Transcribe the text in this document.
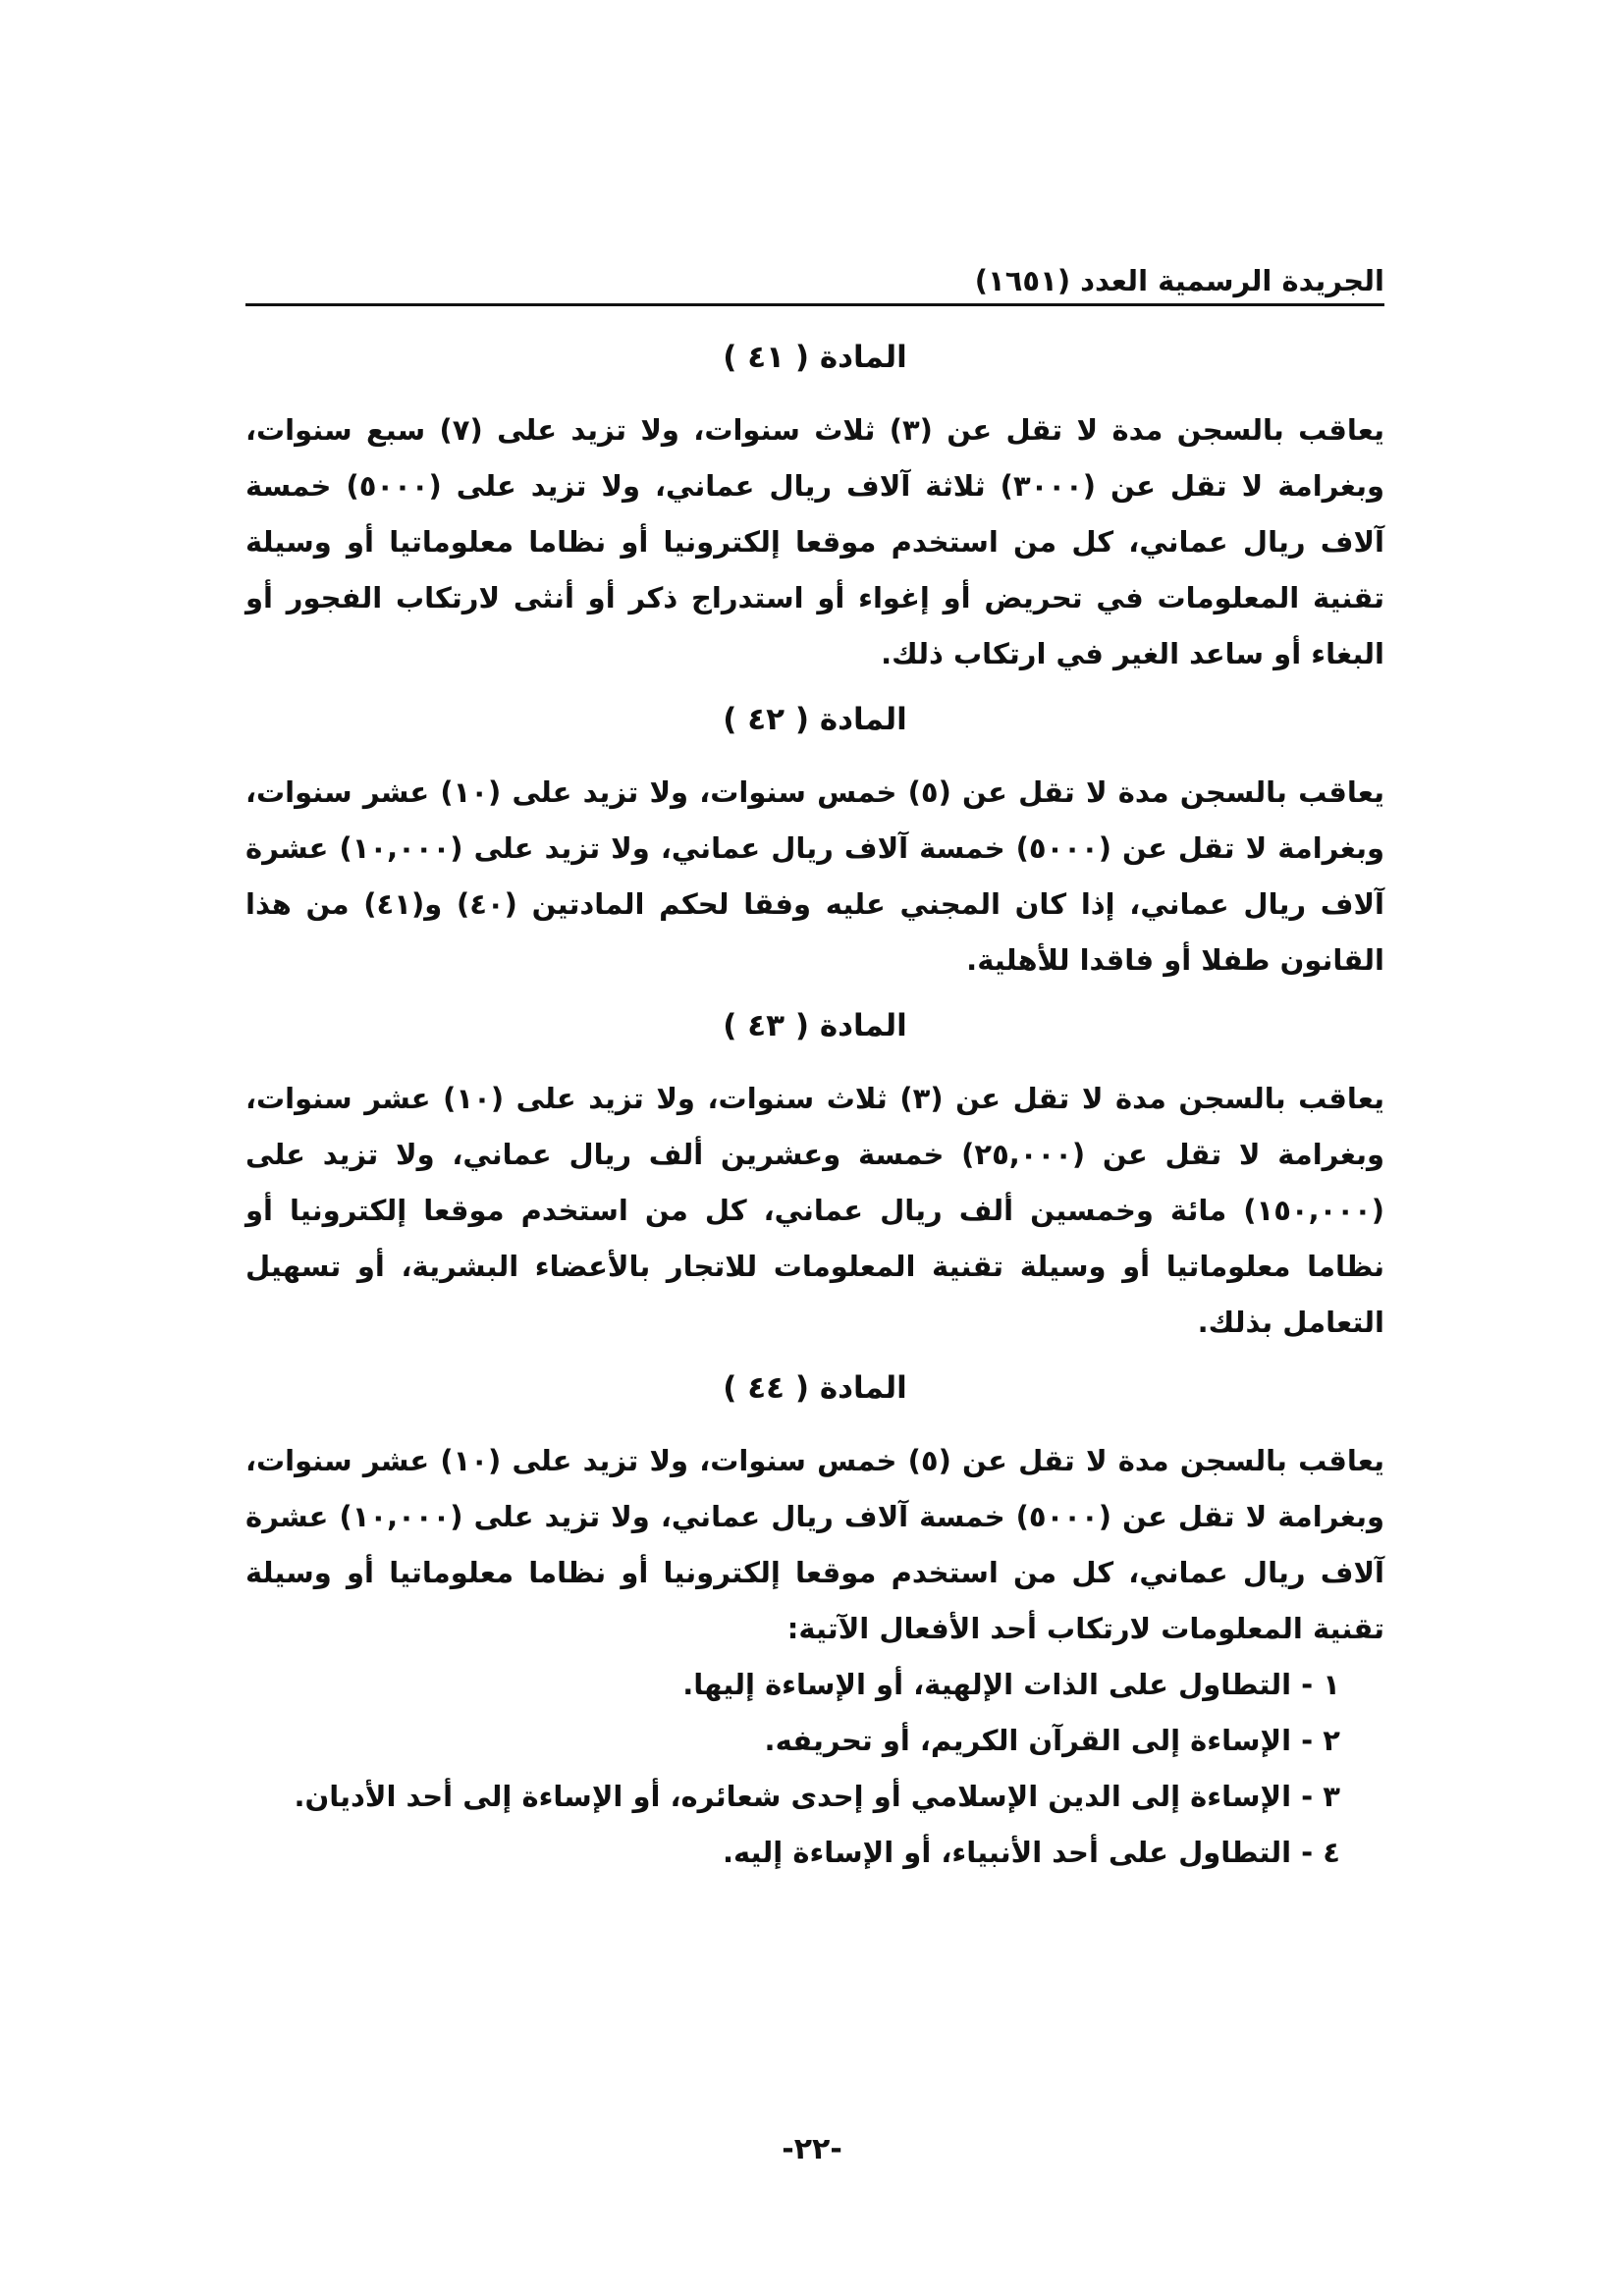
الجريدة الرسمية العدد (١٦٥١)
المادة ( ٤١ )

يعاقب بالسجن مدة لا تقل عن (٣) ثلاث سنوات، ولا تزيد على (٧) سبع سنوات، وبغرامة لا تقل عن (٣٠٠٠) ثلاثة آلاف ريال عماني، ولا تزيد على (٥٠٠٠) خمسة آلاف ريال عماني، كل من استخدم موقعا إلكترونيا أو نظاما معلوماتيا أو وسيلة تقنية المعلومات في تحريض أو إغواء أو استدراج ذكر أو أنثى لارتكاب الفجور أو البغاء أو ساعد الغير في ارتكاب ذلك.

المادة ( ٤٢ )

يعاقب بالسجن مدة لا تقل عن (٥) خمس سنوات، ولا تزيد على (١٠) عشر سنوات، وبغرامة لا تقل عن (٥٠٠٠) خمسة آلاف ريال عماني، ولا تزيد على (١٠,٠٠٠) عشرة آلاف ريال عماني، إذا كان المجني عليه وفقا لحكم المادتين (٤٠) و(٤١) من هذا القانون طفلا أو فاقدا للأهلية.

المادة ( ٤٣ )

يعاقب بالسجن مدة لا تقل عن (٣) ثلاث سنوات، ولا تزيد على (١٠) عشر سنوات، وبغرامة لا تقل عن (٢٥,٠٠٠) خمسة وعشرين ألف ريال عماني، ولا تزيد على (١٥٠,٠٠٠) مائة وخمسين ألف ريال عماني، كل من استخدم موقعا إلكترونيا أو نظاما معلوماتيا أو وسيلة تقنية المعلومات للاتجار بالأعضاء البشرية، أو تسهيل التعامل بذلك.

المادة ( ٤٤ )

يعاقب بالسجن مدة لا تقل عن (٥) خمس سنوات، ولا تزيد على (١٠) عشر سنوات، وبغرامة لا تقل عن (٥٠٠٠) خمسة آلاف ريال عماني، ولا تزيد على (١٠,٠٠٠) عشرة آلاف ريال عماني، كل من استخدم موقعا إلكترونيا أو نظاما معلوماتيا أو وسيلة تقنية المعلومات لارتكاب أحد الأفعال الآتية:

١ - التطاول على الذات الإلهية، أو الإساءة إليها.
٢ - الإساءة إلى القرآن الكريم، أو تحريفه.
٣ - الإساءة إلى الدين الإسلامي أو إحدى شعائره، أو الإساءة إلى أحد الأديان.
٤ - التطاول على أحد الأنبياء، أو الإساءة إليه.
-٢٢-
